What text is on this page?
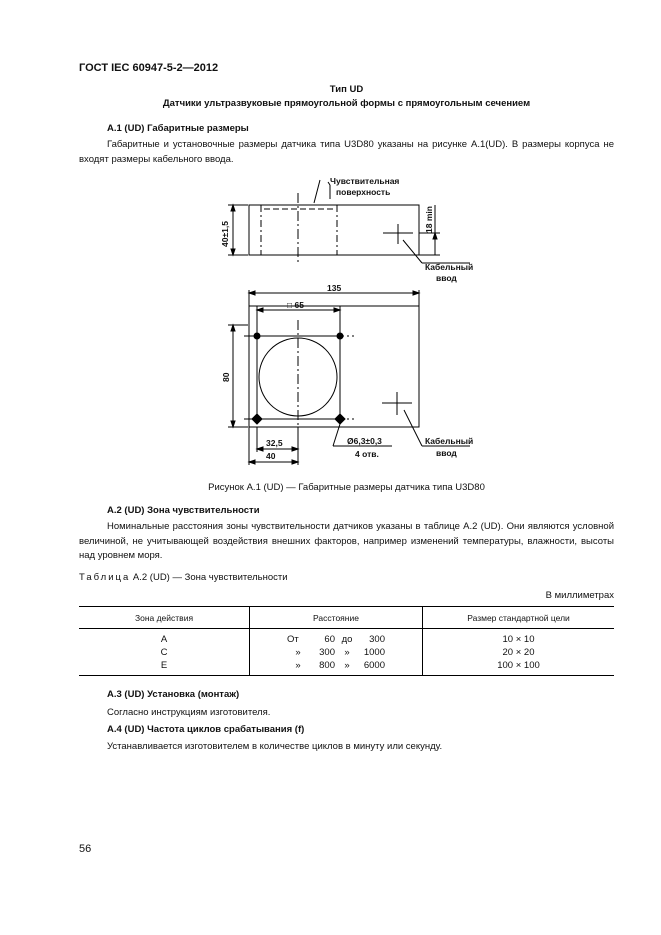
ГОСТ IEC 60947-5-2—2012
Тип UD
Датчики ультразвуковые прямоугольной формы с прямоугольным сечением
A.1 (UD) Габаритные размеры
Габаритные и установочные размеры датчика типа U3D80 указаны на рисунке A.1(UD). В размеры корпуса не входят размеры кабельного ввода.
Чувствительная
поверхность
Кабельный
ввод
Кабельный
ввод
40±1,5
18 min
135
□ 65
80
32,5
40
Ø6,3±0,3
4 отв.
Рисунок A.1 (UD) — Габаритные размеры датчика типа U3D80
A.2 (UD) Зона чувствительности
Номинальные расстояния зоны чувствительности датчиков указаны в таблице A.2 (UD). Они являются условной величиной, не учитывающей воздействия внешних факторов, например изменений температуры, влажности, высоты над уровнем моря.
Таблица A.2 (UD) — Зона чувствительности
В миллиметрах
Зона действия	Расстояние	Размер стандартной цели
A	От 60 до 300	10 × 10
C	» 300 » 1000	20 × 20
E	» 800 » 6000	100 × 100
A.3 (UD) Установка (монтаж)
Согласно инструкциям изготовителя.
A.4 (UD) Частота циклов срабатывания (f)
Устанавливается изготовителем в количестве циклов в минуту или секунду.
56
